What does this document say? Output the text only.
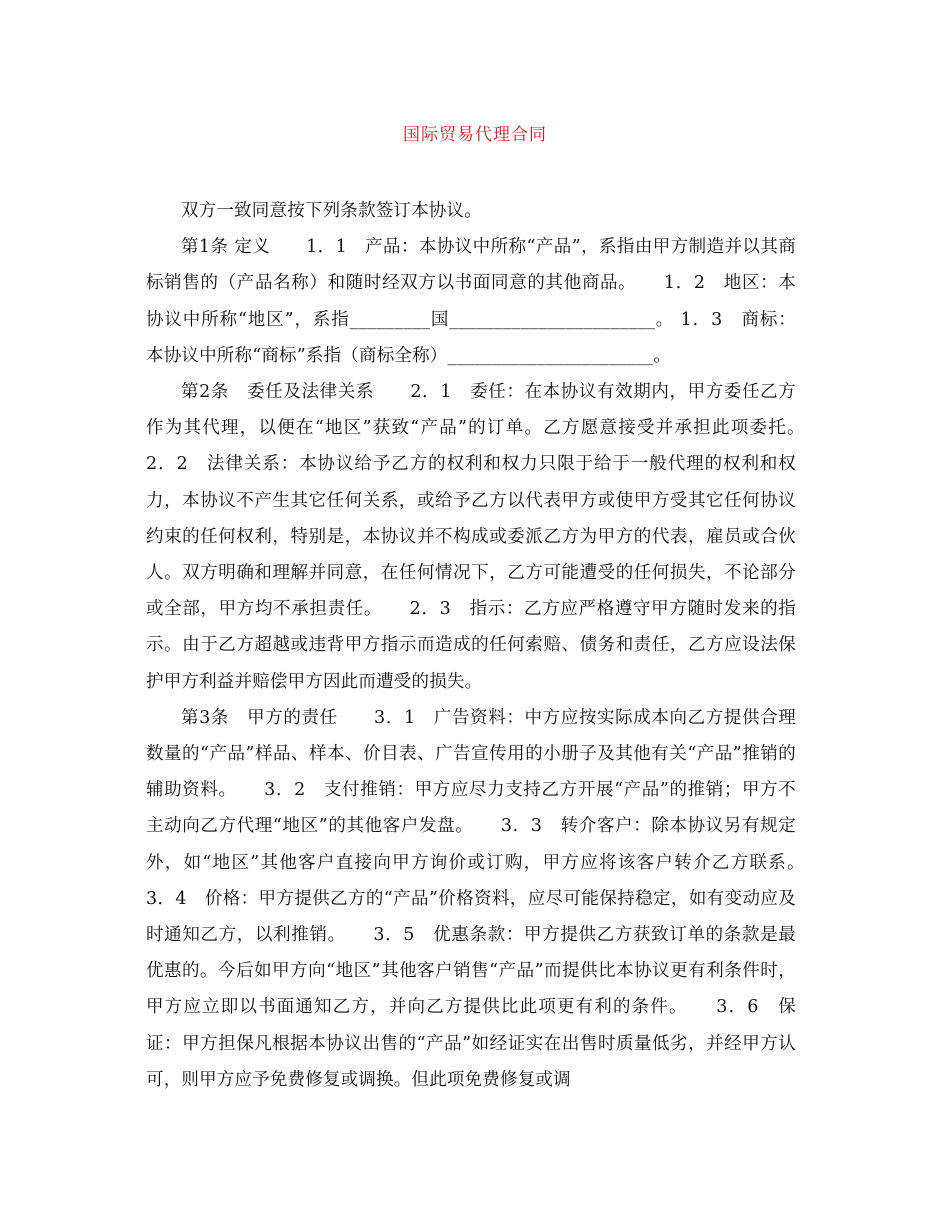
国际贸易代理合同

双方一致同意按下列条款签订本协议。

第1条 定义　　1．1　产品：本协议中所称“产品”，系指由甲方制造并以其商标销售的（产品名称）和随时经双方以书面同意的其他商品。　　1．2　地区：本协议中所称“地区”，系指_________国_______________________。 1．3　商标：本协议中所称“商标”系指（商标全称）_______________________。

第2条　委任及法律关系　　2．1　委任：在本协议有效期内，甲方委任乙方作为其代理，以便在“地区”获致“产品”的订单。乙方愿意接受并承担此项委托。　　2．2　法律关系：本协议给予乙方的权利和权力只限于给于一般代理的权利和权力，本协议不产生其它任何关系，或给予乙方以代表甲方或使甲方受其它任何协议约束的任何权利，特别是，本协议并不构成或委派乙方为甲方的代表，雇员或合伙人。双方明确和理解并同意，在任何情况下，乙方可能遭受的任何损失，不论部分或全部，甲方均不承担责任。　　2．3　指示：乙方应严格遵守甲方随时发来的指示。由于乙方超越或违背甲方指示而造成的任何索赔、债务和责任，乙方应设法保护甲方利益并赔偿甲方因此而遭受的损失。

第3条　甲方的责任　　3．1　广告资料：中方应按实际成本向乙方提供合理数量的“产品”样品、样本、价目表、广告宣传用的小册子及其他有关“产品”推销的辅助资料。　　3．2　支付推销：甲方应尽力支持乙方开展“产品”的推销；甲方不主动向乙方代理“地区”的其他客户发盘。　　3．3　转介客户：除本协议另有规定外，如“地区”其他客户直接向甲方询价或订购，甲方应将该客户转介乙方联系。　　3．4　价格：甲方提供乙方的“产品”价格资料，应尽可能保持稳定，如有变动应及时通知乙方，以利推销。　　3．5　优惠条款：甲方提供乙方获致订单的条款是最优惠的。今后如甲方向“地区”其他客户销售“产品”而提供比本协议更有利条件时，甲方应立即以书面通知乙方，并向乙方提供比此项更有利的条件。　　3．6　保证：甲方担保凡根据本协议出售的“产品”如经证实在出售时质量低劣，并经甲方认可，则甲方应予免费修复或调换。但此项免费修复或调
